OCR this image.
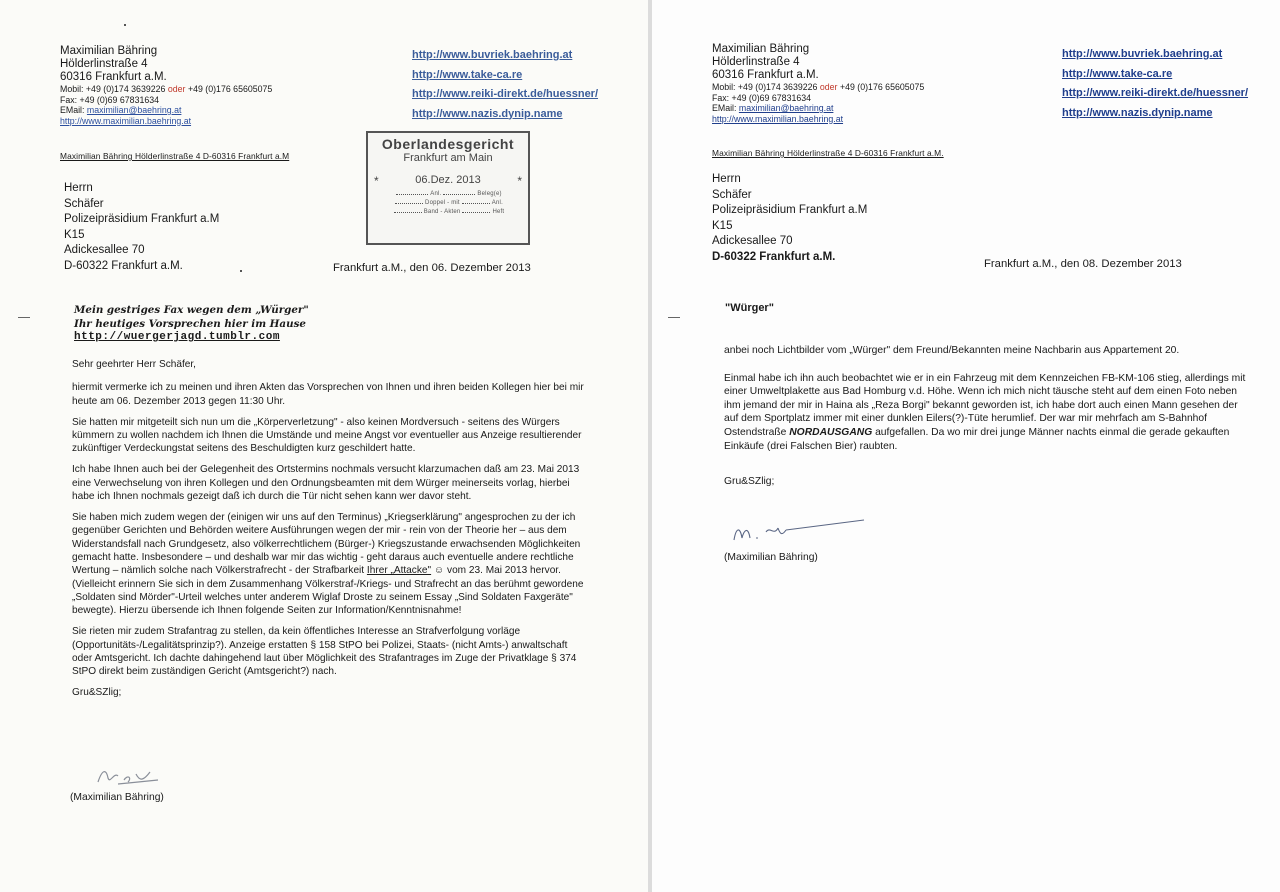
Maximilian Bähring
Hölderlinstraße 4
60316 Frankfurt a.M.
Mobil: +49 (0)174 3639226 oder +49 (0)176 65605075
Fax: +49 (0)69 67831634
EMail: maximilian@baehring.at
http://www.maximilian.baehring.at
http://www.buvriek.baehring.at
http://www.take-ca.re
http://www.reiki-direkt.de/huessner/
http://www.nazis.dynip.name
Maximilian Bähring Hölderlinstraße 4 D-60316 Frankfurt a.M
Oberlandesgericht
Frankfurt am Main
*	06.Dez. 2013	*
Anl.	Beleg(e)
Doppel - mit	Anl.
Band - Akten	Heft
Herrn
Schäfer
Polizeipräsidium Frankfurt a.M
K15
Adickesallee 70
D-60322 Frankfurt a.M.	Frankfurt a.M., den 06. Dezember 2013
Mein gestriges Fax wegen dem „Würger"
Ihr heutiges Vorsprechen hier im Hause
http://wuergerjagd.tumblr.com

Sehr geehrter Herr Schäfer,

hiermit vermerke ich zu meinen und ihren Akten das Vorsprechen von Ihnen und ihren beiden Kollegen hier bei mir heute am 06. Dezember 2013 gegen 11:30 Uhr.

Sie hatten mir mitgeteilt sich nun um die „Körperverletzung" - also keinen Mordversuch - seitens des Würgers kümmern zu wollen nachdem ich Ihnen die Umstände und meine Angst vor eventueller aus Anzeige resultierender zukünftiger Verdeckungstat seitens des Beschuldigten kurz geschildert hatte.

Ich habe Ihnen auch bei der Gelegenheit des Ortstermins nochmals versucht klarzumachen daß am 23. Mai 2013 eine Verwechselung von ihren Kollegen und den Ordnungsbeamten mit dem Würger meinerseits vorlag, hierbei habe ich Ihnen nochmals gezeigt daß ich durch die Tür nicht sehen kann wer davor steht.

Sie haben mich zudem wegen der (einigen wir uns auf den Terminus) „Kriegserklärung" angesprochen zu der ich gegenüber Gerichten und Behörden weitere Ausführungen wegen der mir - rein von der Theorie her – aus dem Widerstandsfall nach Grundgesetz, also völkerrechtlichem (Bürger-) Kriegszustande erwachsenden Möglichkeiten gemacht hatte. Insbesondere – und deshalb war mir das wichtig - geht daraus auch eventuelle andere rechtliche Wertung – nämlich solche nach Völkerstrafrecht - der Strafbarkeit Ihrer „Attacke" ☺ vom 23. Mai 2013 hervor. (Vielleicht erinnern Sie sich in dem Zusammenhang Völkerstraf-/Kriegs- und Strafrecht an das berühmt gewordene „Soldaten sind Mörder"-Urteil welches unter anderem Wiglaf Droste zu seinem Essay „Sind Soldaten Faxgeräte" bewegte). Hierzu übersende ich Ihnen folgende Seiten zur Information/Kenntnisnahme!

Sie rieten mir zudem Strafantrag zu stellen, da kein öffentliches Interesse an Strafverfolgung vorläge (Opportunitäts-/Legalitätsprinzip?). Anzeige erstatten § 158 StPO bei Polizei, Staats- (nicht Amts-) anwaltschaft oder Amtsgericht. Ich dachte dahingehend laut über Möglichkeit des Strafantrages im Zuge der Privatklage § 374 StPO direkt beim zuständigen Gericht (Amtsgericht?) nach.

Gru&SZlig;

(Maximilian Bähring)
Maximilian Bähring
Hölderlinstraße 4
60316 Frankfurt a.M.
Mobil: +49 (0)174 3639226 oder +49 (0)176 65605075
Fax: +49 (0)69 67831634
EMail: maximilian@baehring.at
http://www.maximilian.baehring.at
http://www.buvriek.baehring.at
http://www.take-ca.re
http://www.reiki-direkt.de/huessner/
http://www.nazis.dynip.name
Maximilian Bähring Hölderlinstraße 4 D-60316 Frankfurt a.M.
Herrn
Schäfer
Polizeipräsidium Frankfurt a.M
K15
Adickesallee 70
D-60322 Frankfurt a.M.
Frankfurt a.M., den 08. Dezember 2013
"Würger"

anbei noch Lichtbilder vom „Würger" dem Freund/Bekannten meine Nachbarin aus Appartement 20.

Einmal habe ich ihn auch beobachtet wie er in ein Fahrzeug mit dem Kennzeichen FB-KM-106 stieg, allerdings mit einer Umweltplakette aus Bad Homburg v.d. Höhe. Wenn ich mich nicht täusche steht auf dem einen Foto neben ihm jemand der mir in Haina als „Reza Borgi" bekannt geworden ist, ich habe dort auch einen Mann gesehen der auf dem Sportplatz immer mit einer dunklen Eilers(?)-Tüte herumlief. Der war mir mehrfach am S-Bahnhof Ostendstraße NORDAUSGANG aufgefallen. Da wo mir drei junge Männer nachts einmal die gerade gekauften Einkäufe (drei Falschen Bier) raubten.

Gru&SZlig;

(Maximilian Bähring)
